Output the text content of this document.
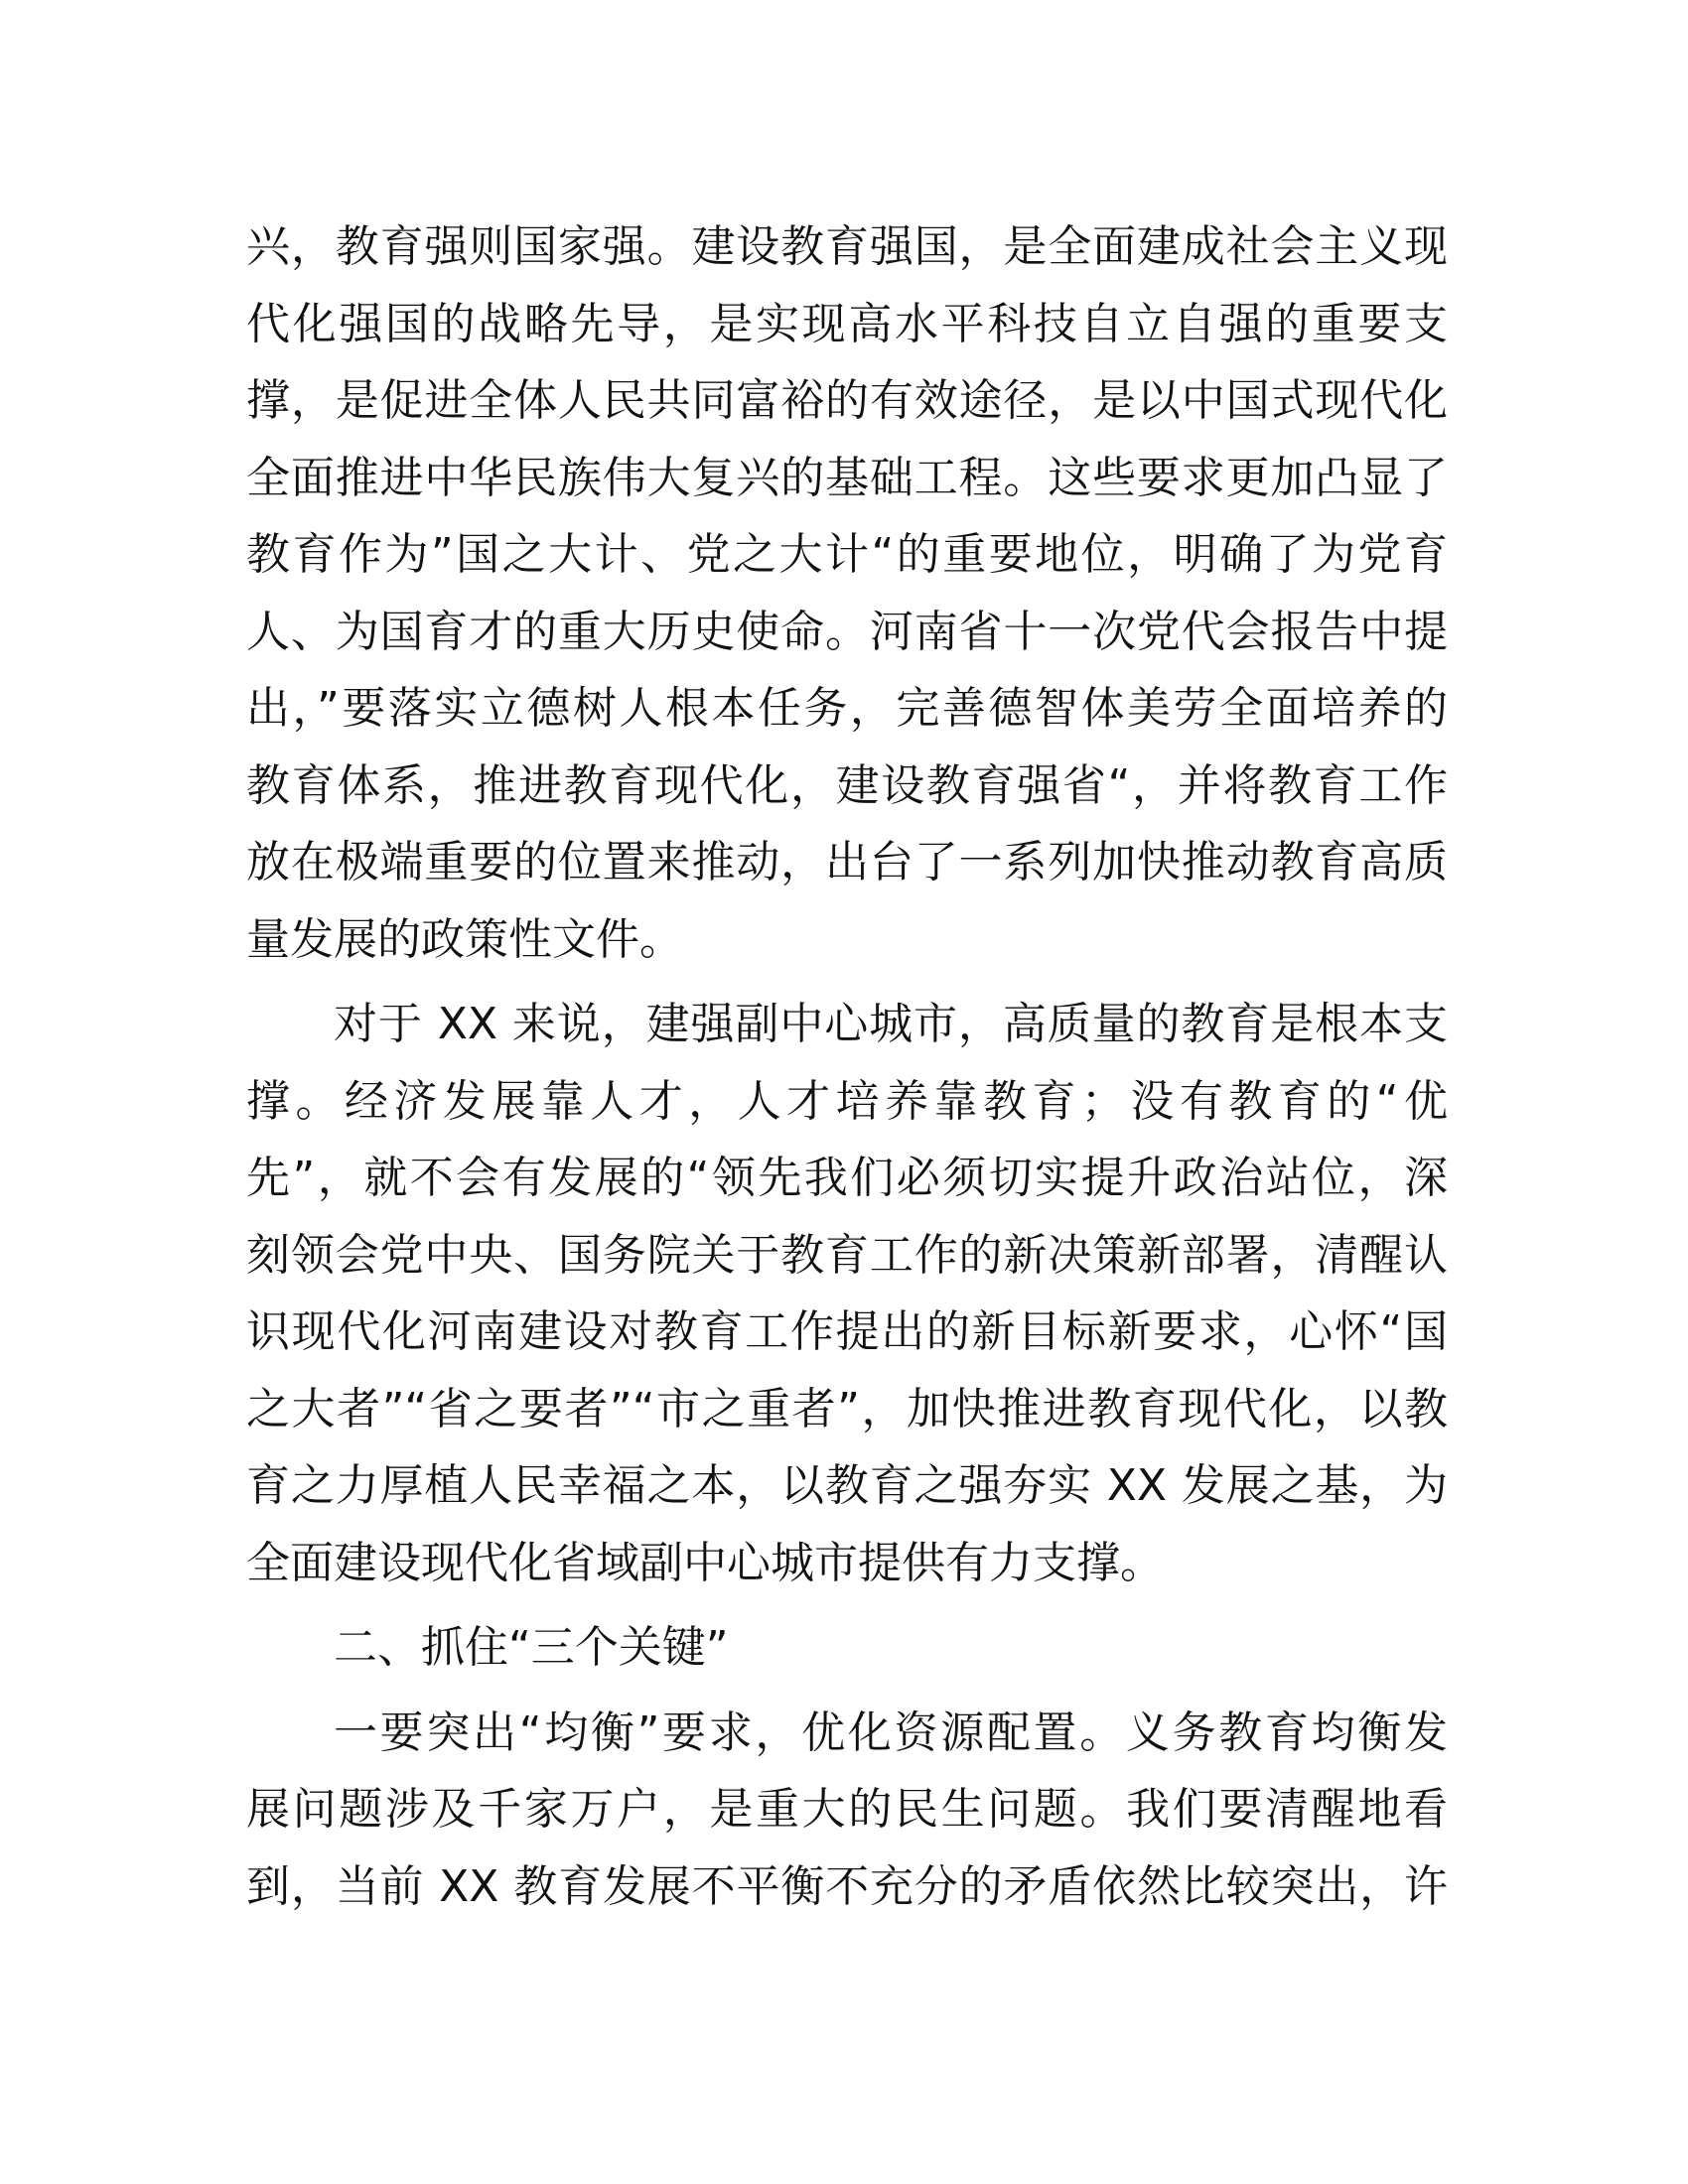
兴，教育强则国家强。建设教育强国，是全面建成社会主义现
代化强国的战略先导，是实现高水平科技自立自强的重要支
撑，是促进全体人民共同富裕的有效途径，是以中国式现代化
全面推进中华民族伟大复兴的基础工程。这些要求更加凸显了
教育作为”国之大计、党之大计“的重要地位，明确了为党育
人、为国育才的重大历史使命。河南省十一次党代会报告中提
出，”要落实立德树人根本任务，完善德智体美劳全面培养的
教育体系，推进教育现代化，建设教育强省“，并将教育工作
放在极端重要的位置来推动，出台了一系列加快推动教育高质
量发展的政策性文件。
对于 XX 来说，建强副中心城市，高质量的教育是根本支
撑。经济发展靠人才，人才培养靠教育；没有教育的“优
先”，就不会有发展的“领先我们必须切实提升政治站位，深
刻领会党中央、国务院关于教育工作的新决策新部署，清醒认
识现代化河南建设对教育工作提出的新目标新要求，心怀“国
之大者”“省之要者”“市之重者”，加快推进教育现代化，以教
育之力厚植人民幸福之本，以教育之强夯实 XX 发展之基，为
全面建设现代化省域副中心城市提供有力支撑。
二、抓住“三个关键”
一要突出“均衡”要求，优化资源配置。义务教育均衡发
展问题涉及千家万户，是重大的民生问题。我们要清醒地看
到，当前 XX 教育发展不平衡不充分的矛盾依然比较突出，许
